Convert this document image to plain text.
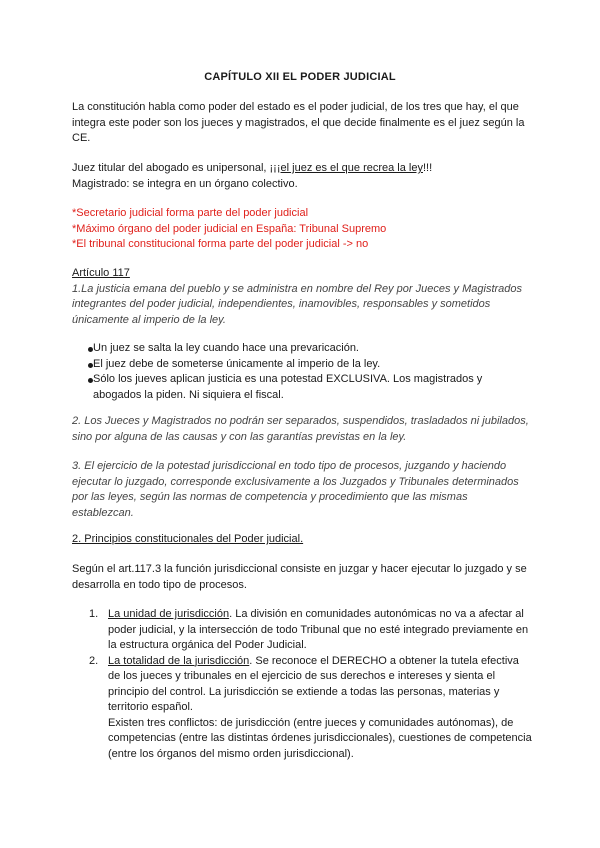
CAPÍTULO XII EL PODER JUDICIAL
La constitución habla como poder del estado es el poder judicial, de los tres que hay, el que integra este poder son los jueces y magistrados, el que decide finalmente es el juez según la CE.
Juez titular del abogado es unipersonal, ¡¡¡el juez es el que recrea la ley!!!
Magistrado: se integra en un órgano colectivo.
*Secretario judicial forma parte del poder judicial
*Máximo órgano del poder judicial en España: Tribunal Supremo
*El tribunal constitucional forma parte del poder judicial -> no
Artículo 117
1.La justicia emana del pueblo y se administra en nombre del Rey por Jueces y Magistrados integrantes del poder judicial, independientes, inamovibles, responsables y sometidos únicamente al imperio de la ley.
Un juez se salta la ley cuando hace una prevaricación.
El juez debe de someterse únicamente al imperio de la ley.
Sólo los jueves aplican justicia es una potestad EXCLUSIVA. Los magistrados y abogados la piden. Ni siquiera el fiscal.
2. Los Jueces y Magistrados no podrán ser separados, suspendidos, trasladados ni jubilados, sino por alguna de las causas y con las garantías previstas en la ley.
3. El ejercicio de la potestad jurisdiccional en todo tipo de procesos, juzgando y haciendo ejecutar lo juzgado, corresponde exclusivamente a los Juzgados y Tribunales determinados por las leyes, según las normas de competencia y procedimiento que las mismas establezcan.
2. Principios constitucionales del Poder judicial.
Según el art.117.3 la función jurisdiccional consiste en juzgar y hacer ejecutar lo juzgado y se desarrolla en todo tipo de procesos.
1. La unidad de jurisdicción. La división en comunidades autonómicas no va a afectar al poder judicial, y la intersección de todo Tribunal que no esté integrado previamente en la estructura orgánica del Poder Judicial.
2. La totalidad de la jurisdicción. Se reconoce el DERECHO a obtener la tutela efectiva de los jueces y tribunales en el ejercicio de sus derechos e intereses y sienta el principio del control. La jurisdicción se extiende a todas las personas, materias y territorio español.
Existen tres conflictos: de jurisdicción (entre jueces y comunidades autónomas), de competencias (entre las distintas órdenes jurisdiccionales), cuestiones de competencia (entre los órganos del mismo orden jurisdiccional).
